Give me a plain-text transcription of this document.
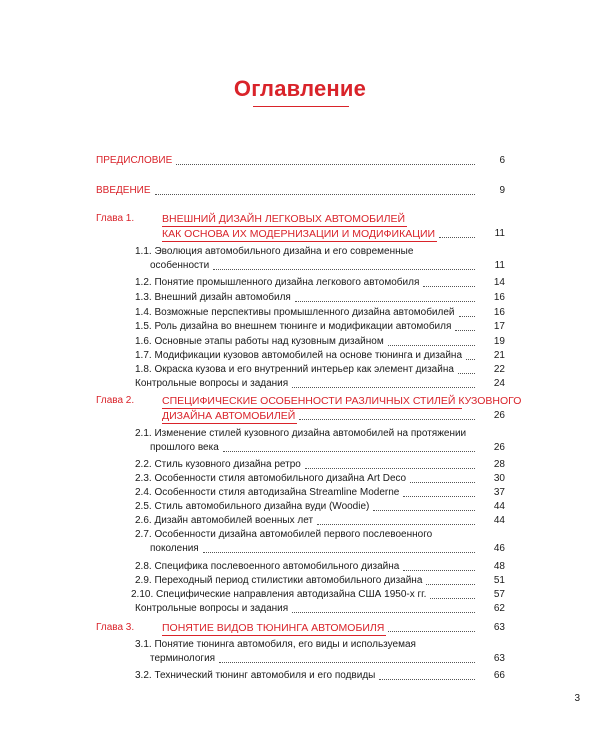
Оглавление
ПРЕДИСЛОВИЕ	6
ВВЕДЕНИЕ	9
Глава 1.	ВНЕШНИЙ ДИЗАЙН ЛЕГКОВЫХ АВТОМОБИЛЕЙ
КАК ОСНОВА ИХ МОДЕРНИЗАЦИИ И МОДИФИКАЦИИ	11
1.1. Эволюция автомобильного дизайна и его современные
особенности	11
1.2. Понятие промышленного дизайна легкового автомобиля	14
1.3. Внешний дизайн автомобиля	16
1.4. Возможные перспективы промышленного дизайна автомобилей	16
1.5. Роль дизайна во внешнем тюнинге и модификации автомобиля	17
1.6. Основные этапы работы над кузовным дизайном	19
1.7. Модификации кузовов автомобилей на основе тюнинга и дизайна	21
1.8. Окраска кузова и его внутренний интерьер как элемент дизайна	22
Контрольные вопросы и задания	24
Глава 2.	СПЕЦИФИЧЕСКИЕ ОСОБЕННОСТИ РАЗЛИЧНЫХ СТИЛЕЙ КУЗОВНОГО
ДИЗАЙНА АВТОМОБИЛЕЙ	26
2.1. Изменение стилей кузовного дизайна автомобилей на протяжении
прошлого века	26
2.2. Стиль кузовного дизайна ретро	28
2.3. Особенности стиля автомобильного дизайна Art Deco	30
2.4. Особенности стиля автодизайна Streamline Moderne	37
2.5. Стиль автомобильного дизайна вуди (Woodie)	44
2.6. Дизайн автомобилей военных лет	44
2.7. Особенности дизайна автомобилей первого послевоенного
поколения	46
2.8. Специфика послевоенного автомобильного дизайна	48
2.9. Переходный период стилистики автомобильного дизайна	51
2.10. Специфические направления автодизайна США 1950-х гг.	57
Контрольные вопросы и задания	62
Глава 3.	ПОНЯТИЕ ВИДОВ ТЮНИНГА АВТОМОБИЛЯ	63
3.1. Понятие тюнинга автомобиля, его виды и используемая
терминология	63
3.2. Технический тюнинг автомобиля и его подвиды	66
3
